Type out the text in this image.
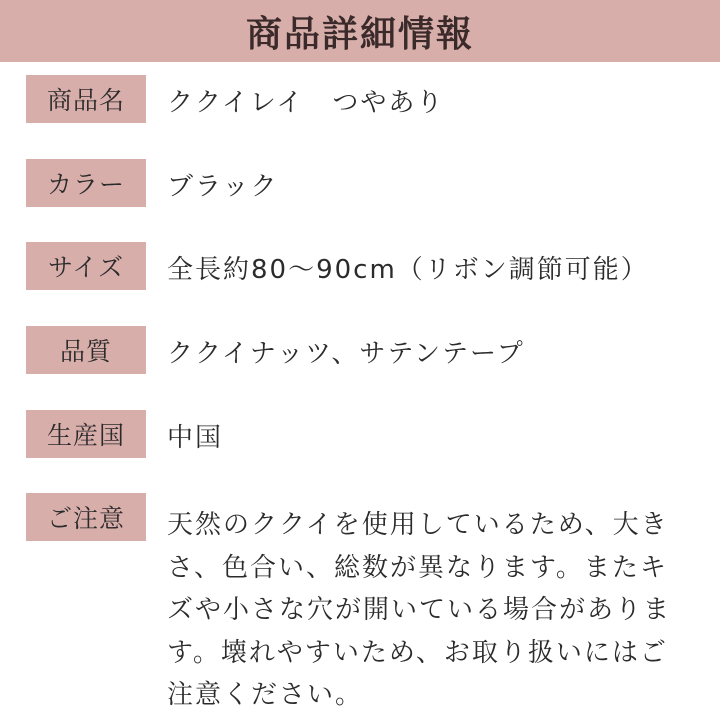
商品詳細情報
商品名	ククイレイ　つやあり
カラー	ブラック
サイズ	全長約80〜90cm（リボン調節可能）
品質	ククイナッツ、サテンテープ
生産国	中国
ご注意	天然のククイを使用しているため、大き
さ、色合い、総数が異なります。またキ
ズや小さな穴が開いている場合がありま
す。壊れやすいため、お取り扱いにはご
注意ください。
